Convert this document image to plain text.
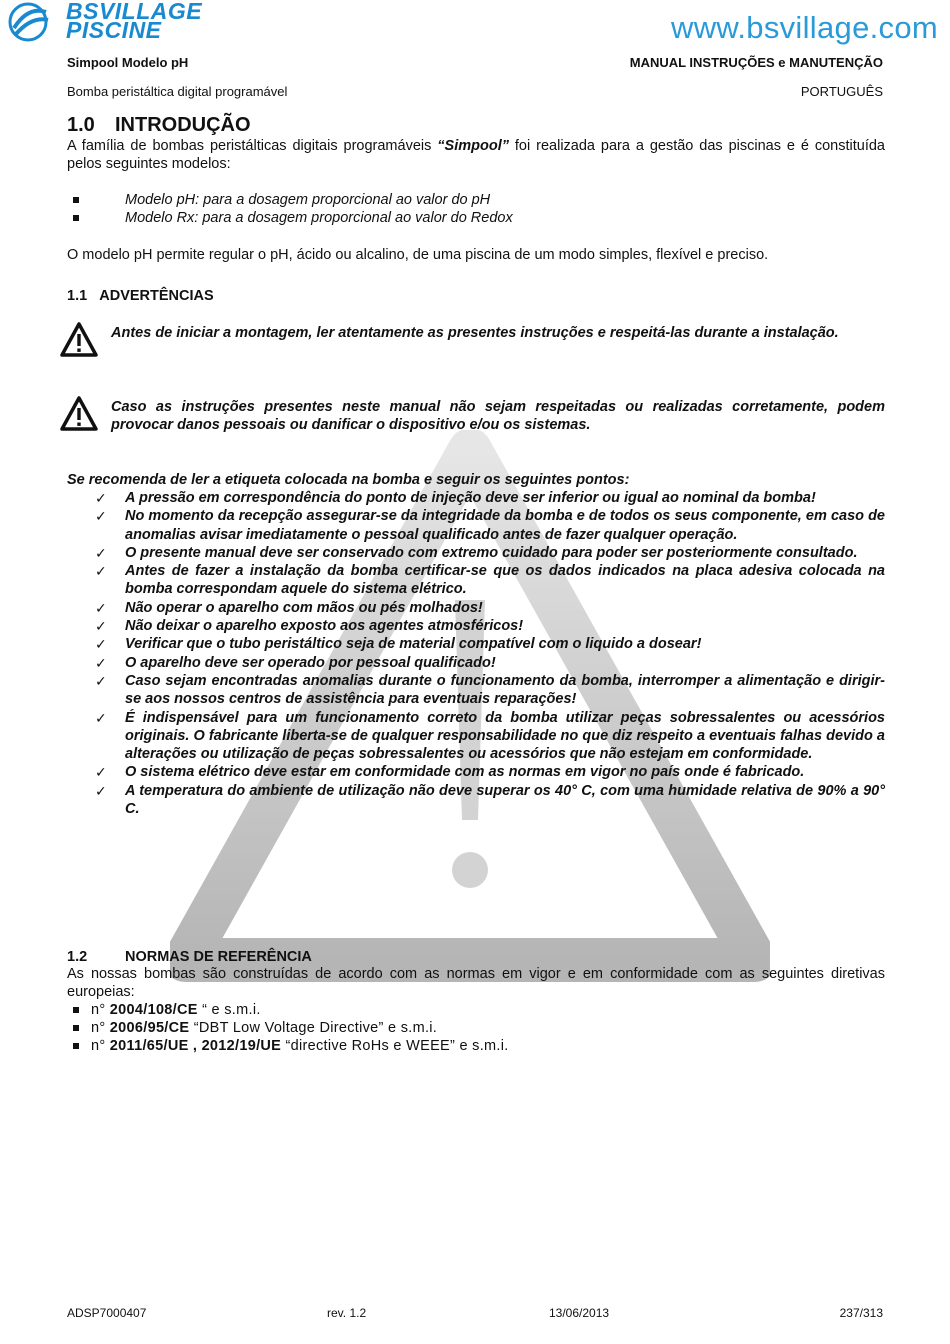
BSVILLAGE
PISCINE	www.bsvillage.com
Simpool Modelo pH	MANUAL INSTRUÇÕES e MANUTENÇÃO
Bomba peristáltica digital programável	PORTUGUÊS
1.0 INTRODUÇÃO

A família de bombas peristálticas digitais programáveis “Simpool” foi realizada para a gestão das piscinas e é constituída pelos seguintes modelos:

Modelo pH: para a dosagem proporcional ao valor do pH
Modelo Rx: para a dosagem proporcional ao valor do Redox

O modelo pH permite regular o pH, ácido ou alcalino, de uma piscina de um modo simples, flexível e preciso.

1.1 ADVERTÊNCIAS
Antes de iniciar a montagem, ler atentamente as presentes instruções e respeitá-las durante a instalação.
Caso as instruções presentes neste manual não sejam respeitadas ou realizadas corretamente, podem provocar danos pessoais ou danificar o dispositivo e/ou os sistemas.

Se recomenda de ler a etiqueta colocada na bomba e seguir os seguintes pontos:

✓ A pressão em correspondência do ponto de injeção deve ser inferior ou igual ao nominal da bomba!
✓ No momento da recepção assegurar-se da integridade da bomba e de todos os seus componente, em caso de anomalias avisar imediatamente o pessoal qualificado antes de fazer qualquer operação.
✓ O presente manual deve ser conservado com extremo cuidado para poder ser posteriormente consultado.
✓ Antes de fazer a instalação da bomba certificar-se que os dados indicados na placa adesiva colocada na bomba correspondam aquele do sistema elétrico.
✓ Não operar o aparelho com mãos ou pés molhados!
✓ Não deixar o aparelho exposto aos agentes atmosféricos!
✓ Verificar que o tubo peristáltico seja de material compatível com o liquido a dosear!
✓ O aparelho deve ser operado por pessoal qualificado!
✓ Caso sejam encontradas anomalias durante o funcionamento da bomba, interromper a alimentação e dirigir-se aos nossos centros de assistência para eventuais reparações!
✓ É indispensável para um funcionamento correto da bomba utilizar peças sobressalentes ou acessórios originais. O fabricante liberta-se de qualquer responsabilidade no que diz respeito a eventuais falhas devido a alterações ou utilização de peças sobressalentes ou acessórios que não estejam em conformidade.
✓ O sistema elétrico deve estar em conformidade com as normas em vigor no país onde é fabricado.
✓ A temperatura do ambiente de utilização não deve superar os 40° C, com uma humidade relativa de 90% a 90° C.
1.2	NORMAS DE REFERÊNCIA

As nossas bombas são construídas de acordo com as normas em vigor e em conformidade com as seguintes diretivas europeias:

n° 2004/108/CE “ e s.m.i.
n° 2006/95/CE “DBT Low Voltage Directive” e s.m.i.
n° 2011/65/UE , 2012/19/UE “directive RoHs e WEEE” e s.m.i.
ADSP7000407	rev. 1.2	13/06/2013	237/313
